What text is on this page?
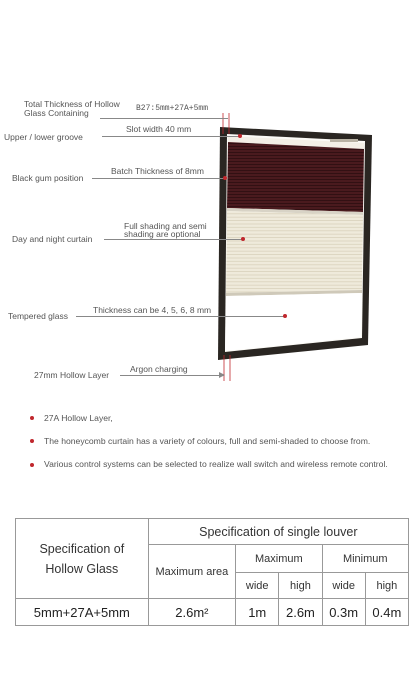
Total Thickness of Hollow Glass Containing	B27:5mm+27A+5mm
Upper / lower groove
Slot width 40 mm
Black gum position
Batch Thickness of 8mm
Full shading and semi
shading are optional
Day and night curtain
Thickness can be 4, 5, 6, 8 mm
Tempered glass
27mm Hollow Layer
Argon charging
27A Hollow Layer,
The honeycomb curtain has a variety of colours, full and semi-shaded to choose from.
Various control systems can be selected to realize wall switch and wireless remote control.
Specification of
Hollow Glass	Specification of single louver				
	Maximum area	Maximum		Minimum	
		wide	high	wide	high
5mm+27A+5mm	2.6m²	1m	2.6m	0.3m	0.4m
